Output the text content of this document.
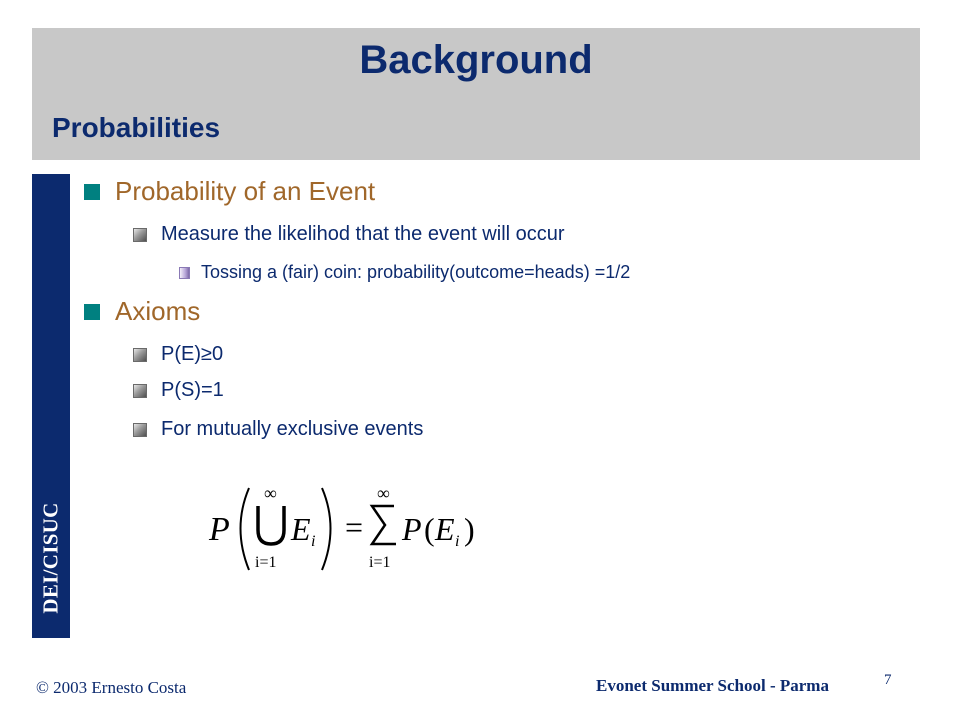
Background
Probabilities
DEI/CISUC
Probability of an Event
Measure the likelihod that the event will occur
Tossing a (fair) coin: probability(outcome=heads) =1/2
Axioms
P(E)≥0
P(S)=1
For mutually exclusive events
P
∞
i=1
E i =
∞
i=1
P ( E i )
© 2003 Ernesto Costa	Evonet Summer School - Parma	7
